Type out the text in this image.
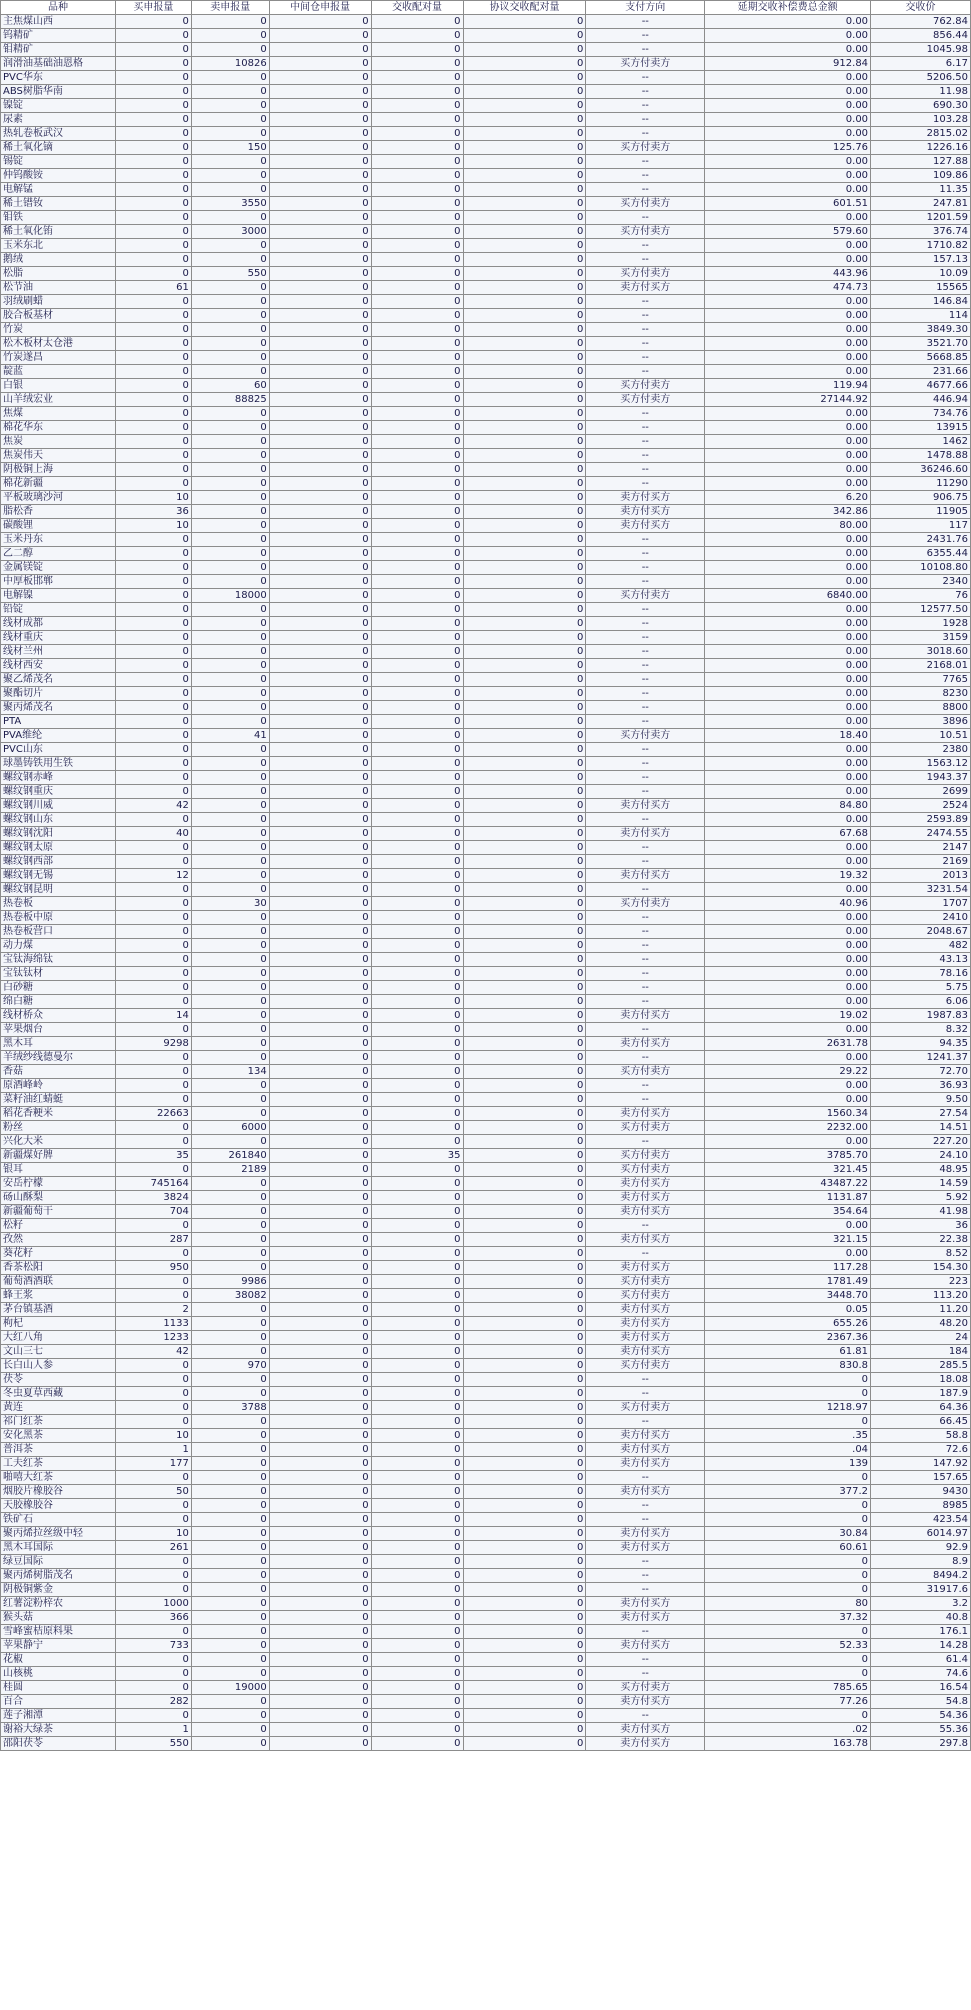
品种	买申报量	卖申报量	中间仓申报量	交收配对量	协议交收配对量	支付方向	延期交收补偿费总金额	交收价
主焦煤山西	0	0	0	0	0	--	0.00	762.84
钨精矿	0	0	0	0	0	--	0.00	856.44
钼精矿	0	0	0	0	0	--	0.00	1045.98
润滑油基础油恩格	0	10826	0	0	0	买方付卖方	912.84	6.17
PVC华东	0	0	0	0	0	--	0.00	5206.50
ABS树脂华南	0	0	0	0	0	--	0.00	11.98
镍锭	0	0	0	0	0	--	0.00	690.30
尿素	0	0	0	0	0	--	0.00	103.28
热轧卷板武汉	0	0	0	0	0	--	0.00	2815.02
稀土氧化镝	0	150	0	0	0	买方付卖方	125.76	1226.16
锡锭	0	0	0	0	0	--	0.00	127.88
仲钨酸铵	0	0	0	0	0	--	0.00	109.86
电解锰	0	0	0	0	0	--	0.00	11.35
稀土镨钕	0	3550	0	0	0	买方付卖方	601.51	247.81
钼铁	0	0	0	0	0	--	0.00	1201.59
稀土氧化铕	0	3000	0	0	0	买方付卖方	579.60	376.74
玉米东北	0	0	0	0	0	--	0.00	1710.82
鹅绒	0	0	0	0	0	--	0.00	157.13
松脂	0	550	0	0	0	买方付卖方	443.96	10.09
松节油	61	0	0	0	0	卖方付买方	474.73	15565
羽绒刷蜡	0	0	0	0	0	--	0.00	146.84
胶合板基材	0	0	0	0	0	--	0.00	114
竹炭	0	0	0	0	0	--	0.00	3849.30
松木板材太仓港	0	0	0	0	0	--	0.00	3521.70
竹炭遂昌	0	0	0	0	0	--	0.00	5668.85
靛蓝	0	0	0	0	0	--	0.00	231.66
白银	0	60	0	0	0	买方付卖方	119.94	4677.66
山羊绒宏业	0	88825	0	0	0	买方付卖方	27144.92	446.94
焦煤	0	0	0	0	0	--	0.00	734.76
棉花华东	0	0	0	0	0	--	0.00	13915
焦炭	0	0	0	0	0	--	0.00	1462
焦炭伟天	0	0	0	0	0	--	0.00	1478.88
阴极铜上海	0	0	0	0	0	--	0.00	36246.60
棉花新疆	0	0	0	0	0	--	0.00	11290
平板玻璃沙河	10	0	0	0	0	卖方付买方	6.20	906.75
脂松香	36	0	0	0	0	卖方付买方	342.86	11905
碳酸锂	10	0	0	0	0	卖方付买方	80.00	117
玉米丹东	0	0	0	0	0	--	0.00	2431.76
乙二醇	0	0	0	0	0	--	0.00	6355.44
金属镁锭	0	0	0	0	0	--	0.00	10108.80
中厚板邯郸	0	0	0	0	0	--	0.00	2340
电解镍	0	18000	0	0	0	买方付卖方	6840.00	76
铅锭	0	0	0	0	0	--	0.00	12577.50
线材成都	0	0	0	0	0	--	0.00	1928
线材重庆	0	0	0	0	0	--	0.00	3159
线材兰州	0	0	0	0	0	--	0.00	3018.60
线材西安	0	0	0	0	0	--	0.00	2168.01
聚乙烯茂名	0	0	0	0	0	--	0.00	7765
聚酯切片	0	0	0	0	0	--	0.00	8230
聚丙烯茂名	0	0	0	0	0	--	0.00	8800
PTA	0	0	0	0	0	--	0.00	3896
PVA维纶	0	41	0	0	0	买方付卖方	18.40	10.51
PVC山东	0	0	0	0	0	--	0.00	2380
球墨铸铁用生铁	0	0	0	0	0	--	0.00	1563.12
螺纹钢赤峰	0	0	0	0	0	--	0.00	1943.37
螺纹钢重庆	0	0	0	0	0	--	0.00	2699
螺纹钢川威	42	0	0	0	0	卖方付买方	84.80	2524
螺纹钢山东	0	0	0	0	0	--	0.00	2593.89
螺纹钢沈阳	40	0	0	0	0	卖方付买方	67.68	2474.55
螺纹钢太原	0	0	0	0	0	--	0.00	2147
螺纹钢西部	0	0	0	0	0	--	0.00	2169
螺纹钢无锡	12	0	0	0	0	卖方付买方	19.32	2013
螺纹钢昆明	0	0	0	0	0	--	0.00	3231.54
热卷板	0	30	0	0	0	买方付卖方	40.96	1707
热卷板中原	0	0	0	0	0	--	0.00	2410
热卷板营口	0	0	0	0	0	--	0.00	2048.67
动力煤	0	0	0	0	0	--	0.00	482
宝钛海绵钛	0	0	0	0	0	--	0.00	43.13
宝钛钛材	0	0	0	0	0	--	0.00	78.16
白砂糖	0	0	0	0	0	--	0.00	5.75
绵白糖	0	0	0	0	0	--	0.00	6.06
线材桥众	14	0	0	0	0	卖方付买方	19.02	1987.83
苹果烟台	0	0	0	0	0	--	0.00	8.32
黑木耳	9298	0	0	0	0	卖方付买方	2631.78	94.35
羊绒纱线德曼尔	0	0	0	0	0	--	0.00	1241.37
香菇	0	134	0	0	0	买方付卖方	29.22	72.70
原酒峰岭	0	0	0	0	0	--	0.00	36.93
菜籽油红蜻蜓	0	0	0	0	0	--	0.00	9.50
稻花香粳米	22663	0	0	0	0	卖方付买方	1560.34	27.54
粉丝	0	6000	0	0	0	买方付卖方	2232.00	14.51
兴化大米	0	0	0	0	0	--	0.00	227.20
新疆煤好牌	35	261840	0	35	0	买方付卖方	3785.70	24.10
银耳	0	2189	0	0	0	买方付卖方	321.45	48.95
安岳柠檬	745164	0	0	0	0	卖方付买方	43487.22	14.59
砀山酥梨	3824	0	0	0	0	卖方付买方	1131.87	5.92
新疆葡萄干	704	0	0	0	0	卖方付买方	354.64	41.98
松籽	0	0	0	0	0	--	0.00	36
孜然	287	0	0	0	0	卖方付买方	321.15	22.38
葵花籽	0	0	0	0	0	--	0.00	8.52
香茶松阳	950	0	0	0	0	卖方付买方	117.28	154.30
葡萄酒酒联	0	9986	0	0	0	买方付卖方	1781.49	223
蜂王浆	0	38082	0	0	0	买方付卖方	3448.70	113.20
茅台镇基酒	2	0	0	0	0	卖方付买方	0.05	11.20
枸杞	1133	0	0	0	0	卖方付买方	655.26	48.20
大红八角	1233	0	0	0	0	卖方付买方	2367.36	24
文山三七	42	0	0	0	0	卖方付买方	61.81	184
长白山人参	0	970	0	0	0	买方付卖方	830.8	285.5
茯苓	0	0	0	0	0	--	0	18.08
冬虫夏草西藏	0	0	0	0	0	--	0	187.9
黄连	0	3788	0	0	0	买方付卖方	1218.97	64.36
祁门红茶	0	0	0	0	0	--	0	66.45
安化黑茶	10	0	0	0	0	卖方付买方	.35	58.8
普洱茶	1	0	0	0	0	卖方付买方	.04	72.6
工夫红茶	177	0	0	0	0	卖方付买方	139	147.92
啪嘻大红茶	0	0	0	0	0	--	0	157.65
烟胶片橡胶谷	50	0	0	0	0	卖方付买方	377.2	9430
天胶橡胶谷	0	0	0	0	0	--	0	8985
铁矿石	0	0	0	0	0	--	0	423.54
聚丙烯拉丝级中轻	10	0	0	0	0	卖方付买方	30.84	6014.97
黑木耳国际	261	0	0	0	0	卖方付买方	60.61	92.9
绿豆国际	0	0	0	0	0	--	0	8.9
聚丙烯树脂茂名	0	0	0	0	0	--	0	8494.2
阴极铜紫金	0	0	0	0	0	--	0	31917.6
红薯淀粉梓农	1000	0	0	0	0	卖方付买方	80	3.2
猴头菇	366	0	0	0	0	卖方付买方	37.32	40.8
雪峰蜜桔原料果	0	0	0	0	0	--	0	176.1
苹果静宁	733	0	0	0	0	卖方付买方	52.33	14.28
花椒	0	0	0	0	0	--	0	61.4
山核桃	0	0	0	0	0	--	0	74.6
桂圆	0	19000	0	0	0	买方付卖方	785.65	16.54
百合	282	0	0	0	0	卖方付买方	77.26	54.8
莲子湘潭	0	0	0	0	0	--	0	54.36
谢裕大绿茶	1	0	0	0	0	卖方付买方	.02	55.36
邵阳茯苓	550	0	0	0	0	卖方付买方	163.78	297.8
